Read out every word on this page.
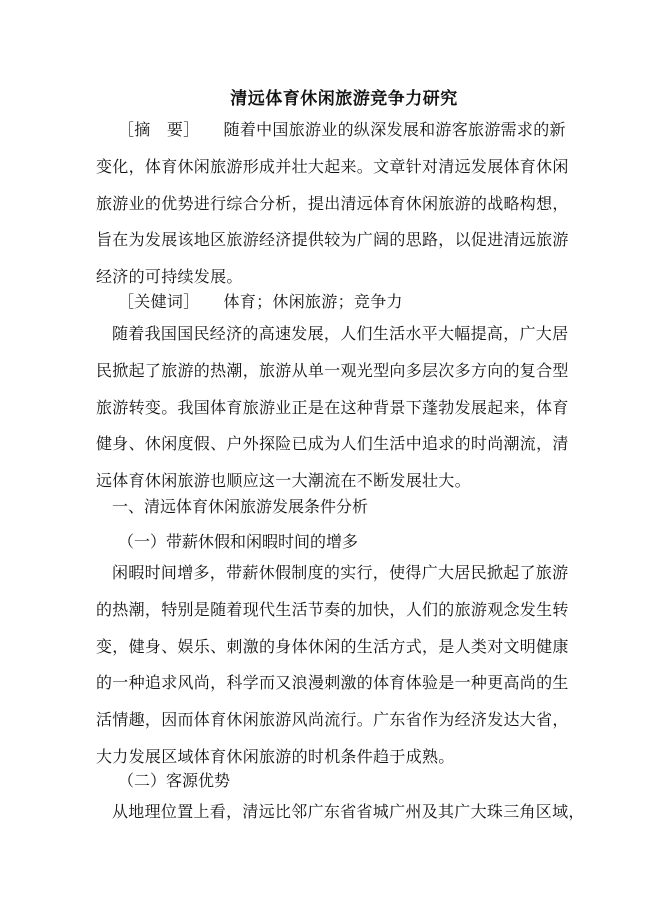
清远体育休闲旅游竞争力研究

［摘　要］ 随着中国旅游业的纵深发展和游客旅游需求的新

变化，体育休闲旅游形成并壮大起来。文章针对清远发展体育休闲

旅游业的优势进行综合分析，提出清远体育休闲旅游的战略构想，

旨在为发展该地区旅游经济提供较为广阔的思路，以促进清远旅游

经济的可持续发展。

［关健词］ 体育；休闲旅游；竞争力

随着我国国民经济的高速发展，人们生活水平大幅提高，广大居

民掀起了旅游的热潮，旅游从单一观光型向多层次多方向的复合型

旅游转变。我国体育旅游业正是在这种背景下蓬勃发展起来，体育

健身、休闲度假、户外探险已成为人们生活中追求的时尚潮流，清

远体育休闲旅游也顺应这一大潮流在不断发展壮大。

一、清远体育休闲旅游发展条件分析
（一）带薪休假和闲暇时间的增多

闲暇时间增多，带薪休假制度的实行，使得广大居民掀起了旅游

的热潮，特别是随着现代生活节奏的加快，人们的旅游观念发生转

变，健身、娱乐、刺激的身体休闲的生活方式，是人类对文明健康

的一种追求风尚，科学而又浪漫刺激的体育体验是一种更高尚的生

活情趣，因而体育休闲旅游风尚流行。广东省作为经济发达大省，

大力发展区域体育休闲旅游的时机条件趋于成熟。

（二）客源优势

从地理位置上看，清远比邻广东省省城广州及其广大珠三角区域，
